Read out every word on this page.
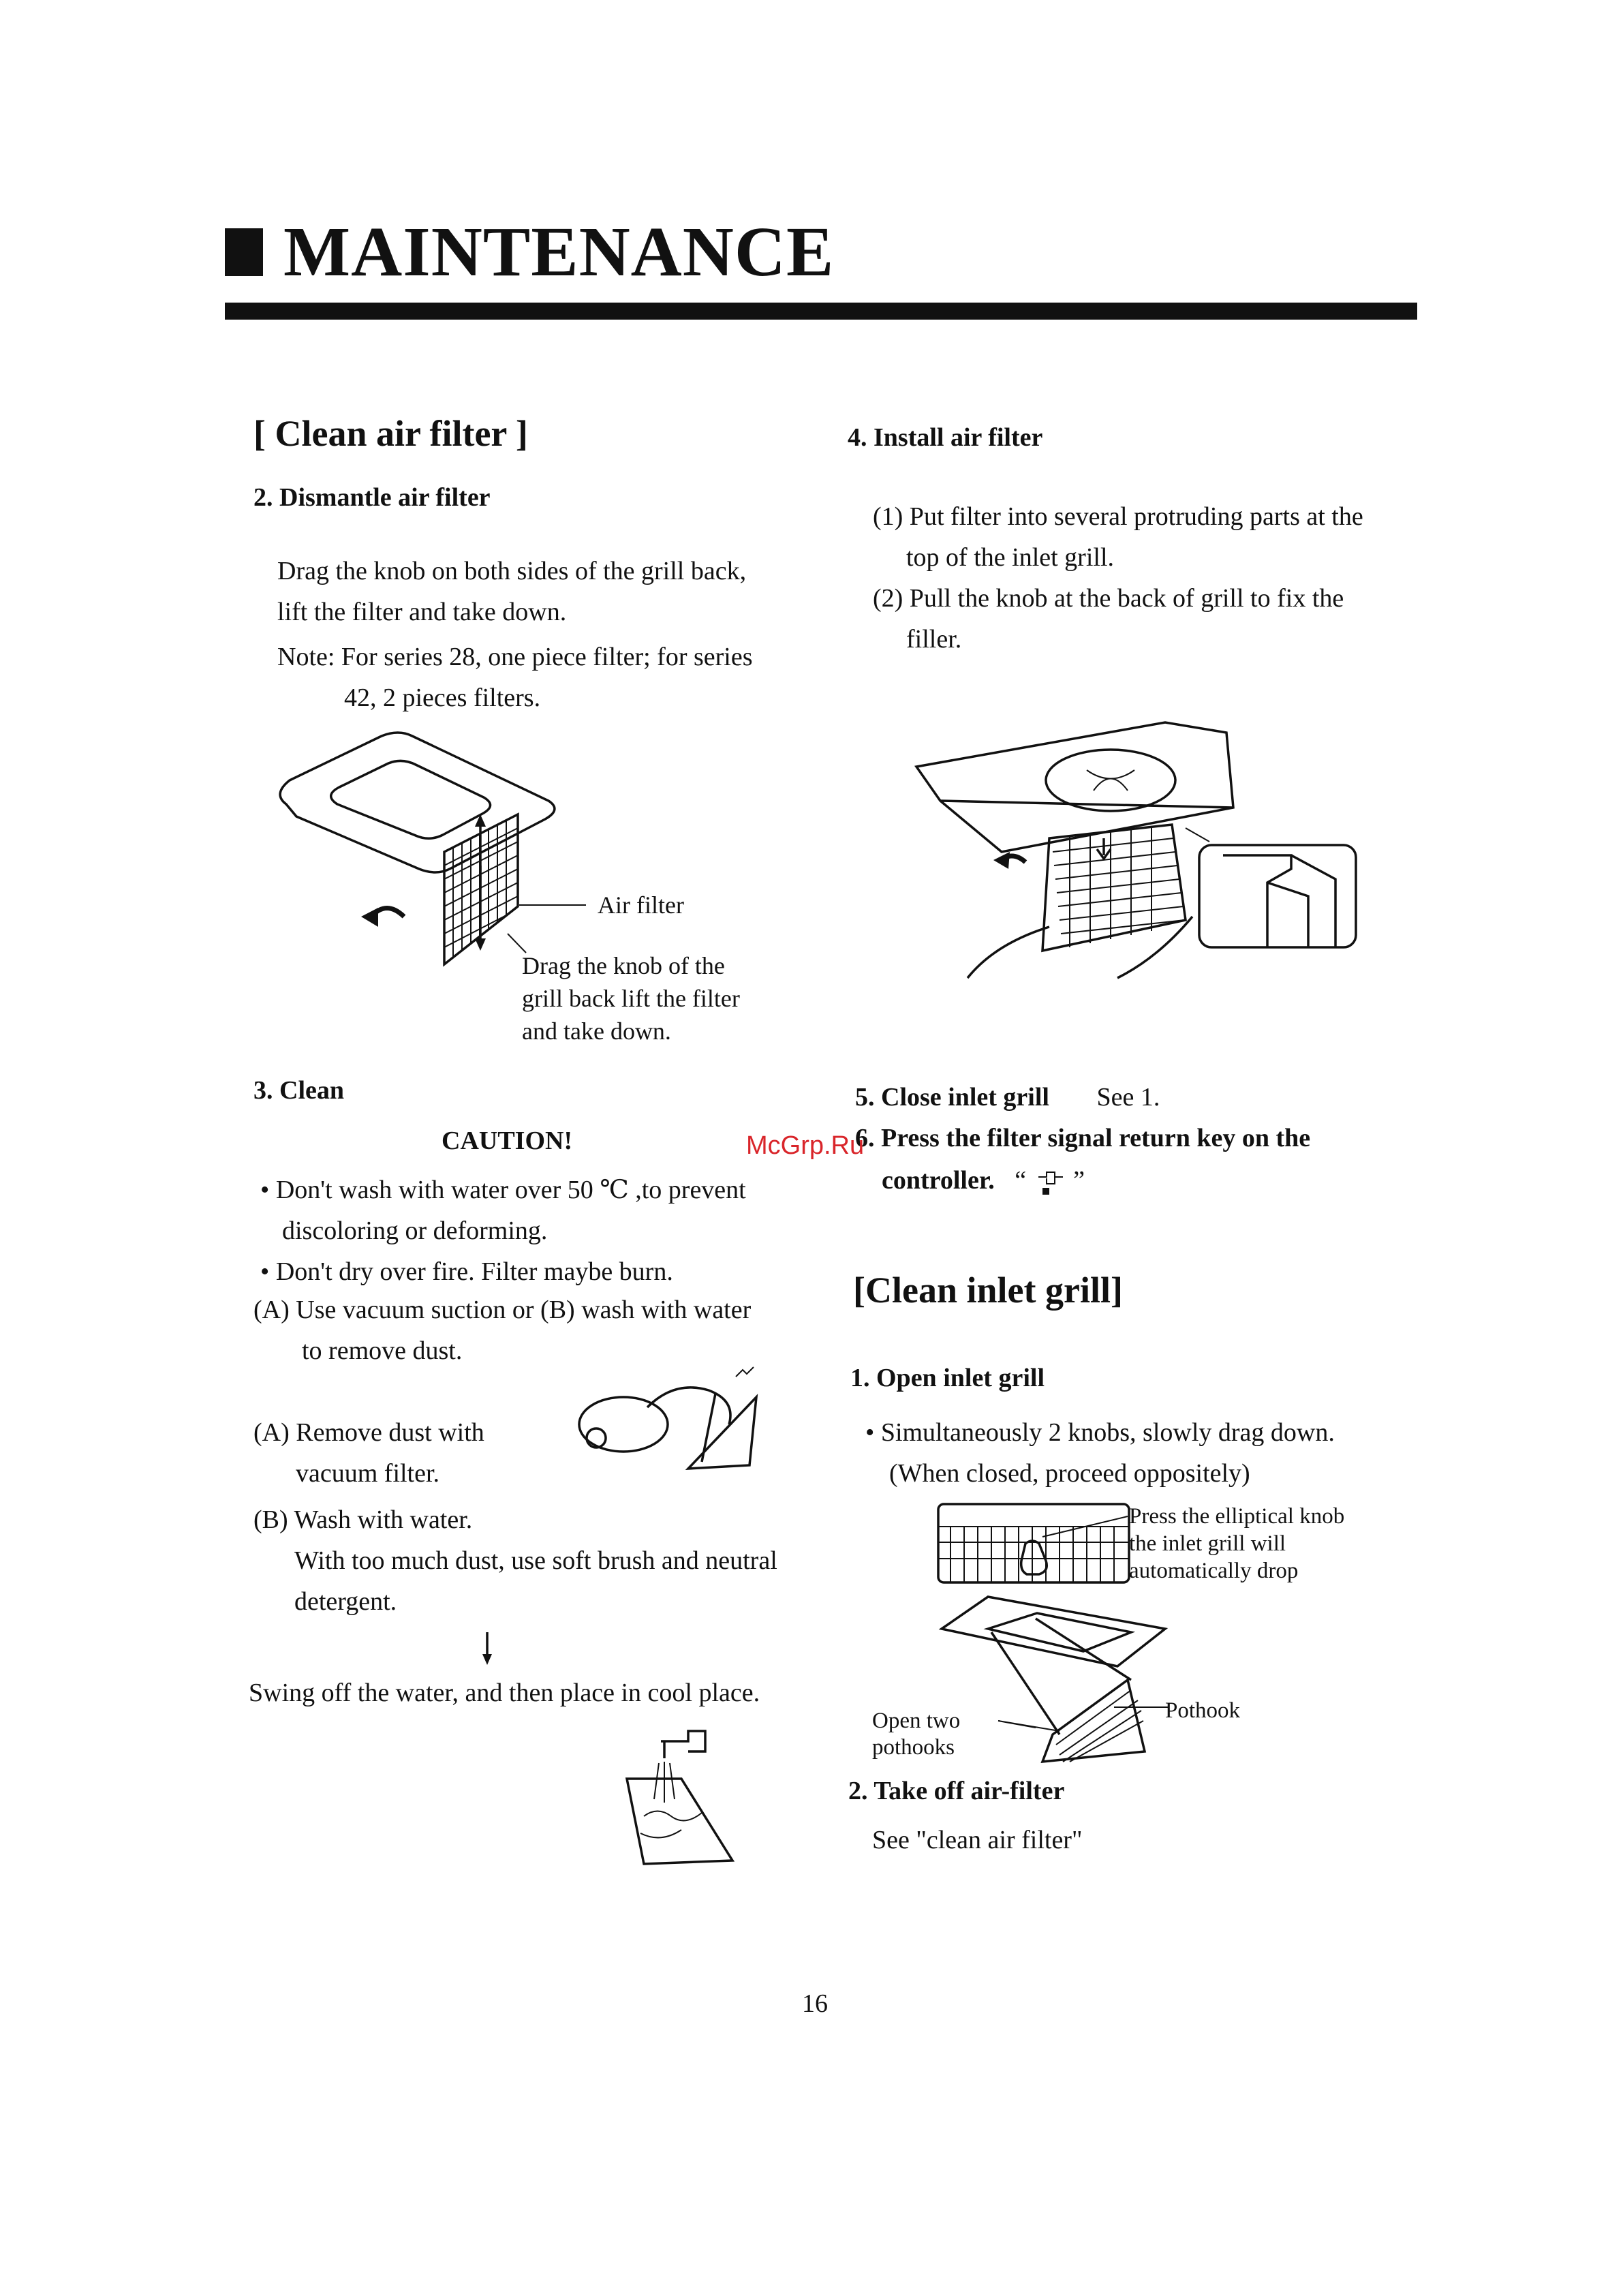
MAINTENANCE
[ Clean air filter ]
2. Dismantle air filter
Drag the knob on both sides of the grill back,
lift the filter and take down.
Note: For series 28, one piece filter; for series
42, 2 pieces filters.
Air filter
Drag the knob of the
grill back lift the filter
and take down.
3. Clean
CAUTION!
• Don't wash with water over 50 ℃ ,to prevent
discoloring or deforming.
• Don't dry over fire. Filter maybe burn.
(A) Use vacuum suction or (B) wash with water
to remove dust.
(A) Remove dust with
vacuum filter.
(B) Wash with water.
With too much dust, use soft brush and neutral
detergent.
Swing off the water, and then place in cool place.
4. Install air filter
(1) Put filter into several protruding parts at the
top of the inlet grill.
(2) Pull the knob at the back of grill to fix the
filler.
5. Close inlet grill See 1.
6. Press the filter signal return key on the
controller. “ ”
[Clean inlet grill]
1. Open inlet grill
• Simultaneously 2 knobs, slowly drag down.
(When closed, proceed oppositely)
Press the elliptical knob
the inlet grill will
automatically drop
Open two
pothooks
Pothook
2. Take off air-filter
See "clean air filter"
16
McGrp.Ru
